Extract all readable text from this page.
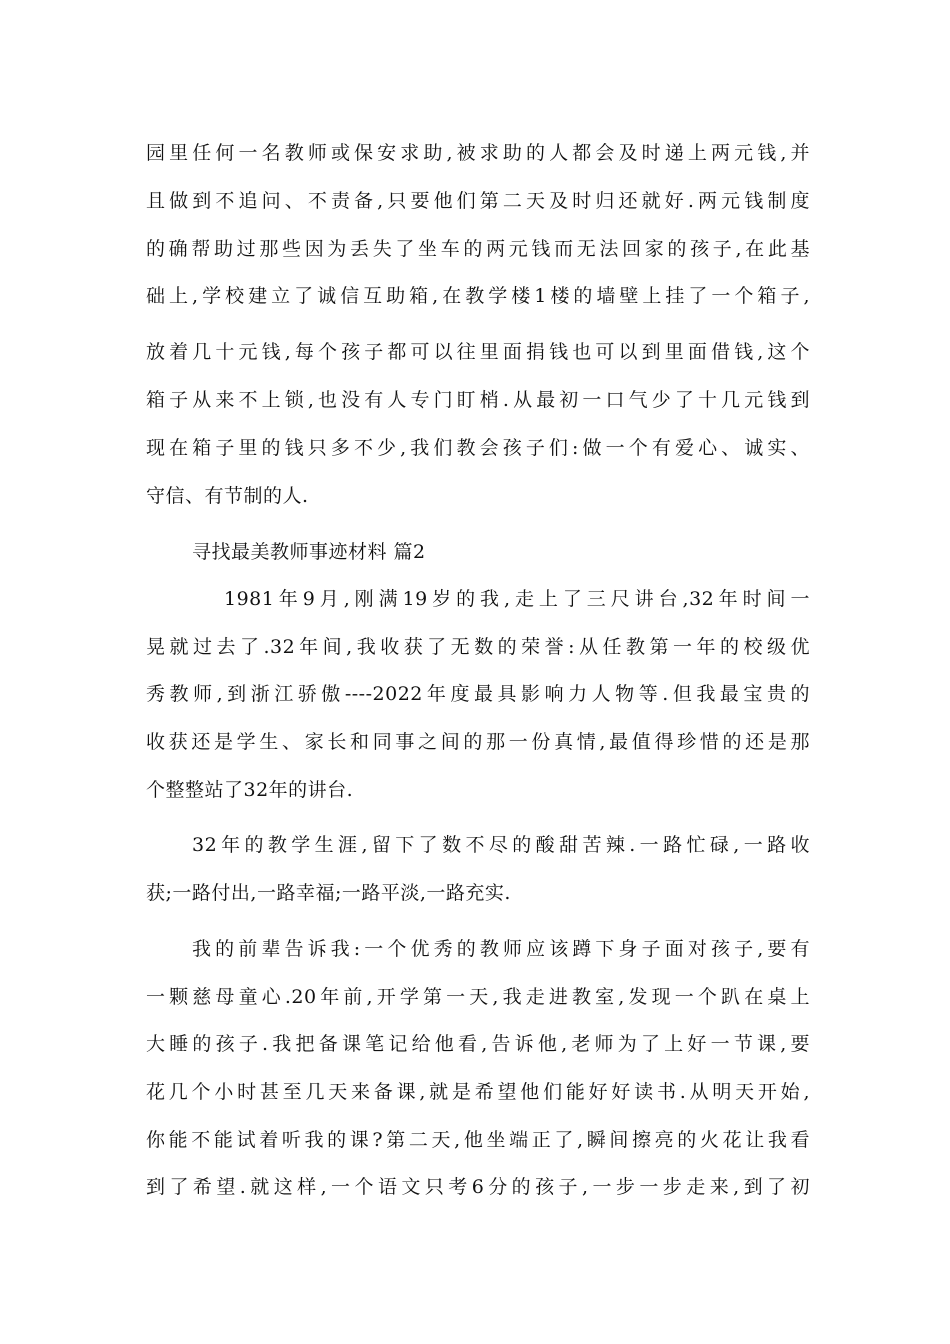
园里任何一名教师或保安求助,被求助的人都会及时递上两元钱,并
且做到不追问、不责备,只要他们第二天及时归还就好.两元钱制度
的确帮助过那些因为丢失了坐车的两元钱而无法回家的孩子,在此基
础上,学校建立了诚信互助箱,在教学楼1楼的墙壁上挂了一个箱子,
放着几十元钱,每个孩子都可以往里面捐钱也可以到里面借钱,这个
箱子从来不上锁,也没有人专门盯梢.从最初一口气少了十几元钱到
现在箱子里的钱只多不少,我们教会孩子们:做一个有爱心、诚实、
守信、有节制的人.
寻找最美教师事迹材料 篇2
1981年9月,刚满19岁的我,走上了三尺讲台,32年时间一
晃就过去了.32年间,我收获了无数的荣誉:从任教第一年的校级优
秀教师,到浙江骄傲----2022年度最具影响力人物等.但我最宝贵的
收获还是学生、家长和同事之间的那一份真情,最值得珍惜的还是那
个整整站了32年的讲台.
32年的教学生涯,留下了数不尽的酸甜苦辣.一路忙碌,一路收
获;一路付出,一路幸福;一路平淡,一路充实.
我的前辈告诉我:一个优秀的教师应该蹲下身子面对孩子,要有
一颗慈母童心.20年前,开学第一天,我走进教室,发现一个趴在桌上
大睡的孩子.我把备课笔记给他看,告诉他,老师为了上好一节课,要
花几个小时甚至几天来备课,就是希望他们能好好读书.从明天开始,
你能不能试着听我的课?第二天,他坐端正了,瞬间擦亮的火花让我看
到了希望.就这样,一个语文只考6分的孩子,一步一步走来,到了初
